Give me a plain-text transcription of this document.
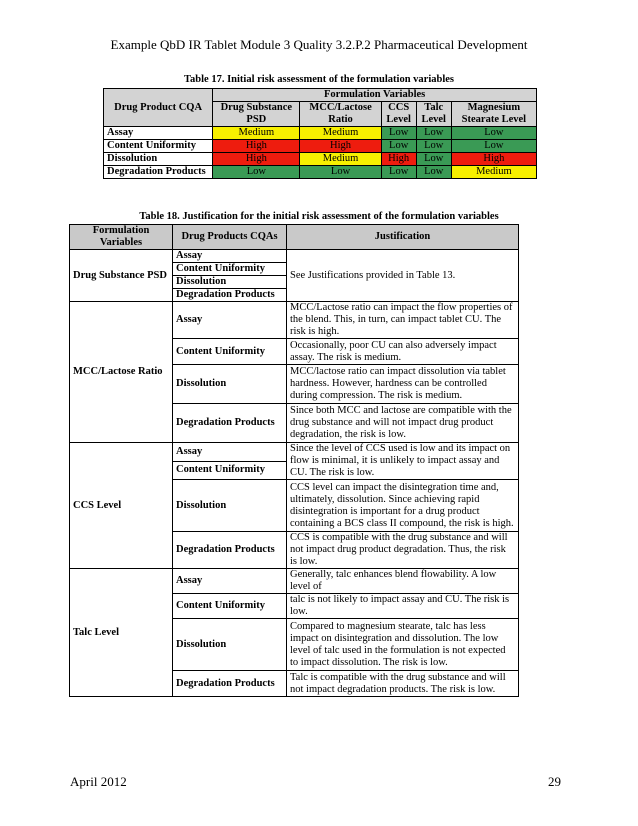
Example QbD IR Tablet Module 3 Quality 3.2.P.2 Pharmaceutical Development
Table 17. Initial risk assessment of the formulation variables
Drug Product CQA	Formulation Variables				
	Drug Substance PSD	MCC/Lactose Ratio	CCS Level	Talc Level	Magnesium Stearate Level
Assay	Medium	Medium	Low	Low	Low
Content Uniformity	High	High	Low	Low	Low
Dissolution	High	Medium	High	Low	High
Degradation Products	Low	Low	Low	Low	Medium
Table 18. Justification for the initial risk assessment of the formulation variables
Formulation Variables	Drug Products CQAs	Justification
Drug Substance PSD	Assay	See Justifications provided in Table 13.
	Content Uniformity	
	Dissolution	
	Degradation Products	
MCC/Lactose Ratio	Assay	MCC/Lactose ratio can impact the flow properties of the blend. This, in turn, can impact tablet CU. The risk is high.
	Content Uniformity	Occasionally, poor CU can also adversely impact assay. The risk is medium.
	Dissolution	MCC/lactose ratio can impact dissolution via tablet hardness. However, hardness can be controlled during compression. The risk is medium.
	Degradation Products	Since both MCC and lactose are compatible with the drug substance and will not impact drug product degradation, the risk is low.
CCS Level	Assay	Since the level of CCS used is low and its impact on flow is minimal, it is unlikely to impact assay and CU. The risk is low.
	Content Uniformity	
	Dissolution	CCS level can impact the disintegration time and, ultimately, dissolution. Since achieving rapid disintegration is important for a drug product containing a BCS class II compound, the risk is high.
	Degradation Products	CCS is compatible with the drug substance and will not impact drug product degradation. Thus, the risk is low.
Talc Level	Assay	Generally, talc enhances blend flowability. A low level of
	Content Uniformity	talc is not likely to impact assay and CU. The risk is low.
	Dissolution	Compared to magnesium stearate, talc has less impact on disintegration and dissolution. The low level of talc used in the formulation is not expected to impact dissolution. The risk is low.
	Degradation Products	Talc is compatible with the drug substance and will not impact degradation products. The risk is low.
April 2012	29
